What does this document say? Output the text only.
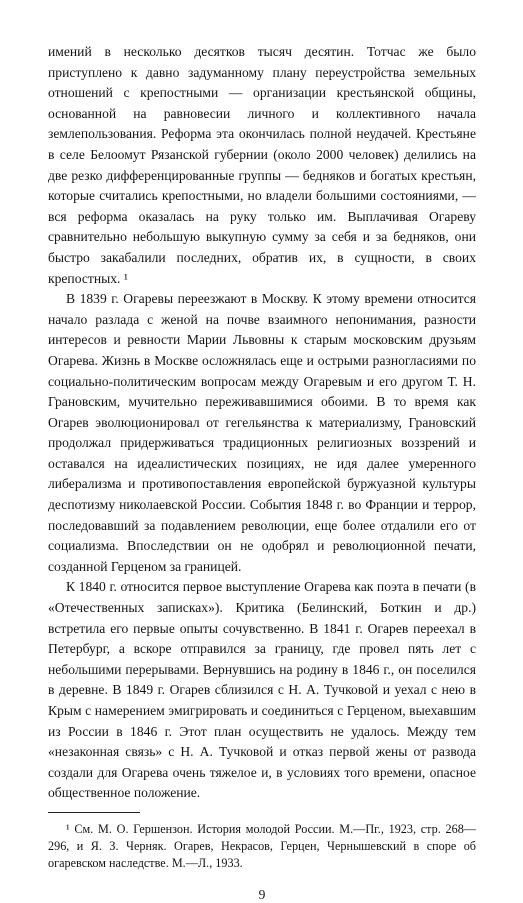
имений в несколько десятков тысяч десятин. Тотчас же было приступлено к давно задуманному плану переустройства земельных отношений с крепостными — организации крестьянской общины, основанной на равновесии личного и коллективного начала землепользования. Реформа эта окончилась полной неудачей. Крестьяне в селе Белоомут Рязанской губернии (около 2000 человек) делились на две резко дифференцированные группы — бедняков и богатых крестьян, которые считались крепостными, но владели большими состояниями, — вся реформа оказалась на руку только им. Выплачивая Огареву сравнительно небольшую выкупную сумму за себя и за бедняков, они быстро закабалили последних, обратив их, в сущности, в своих крепостных. ¹

В 1839 г. Огаревы переезжают в Москву. К этому времени относится начало разлада с женой на почве взаимного непонимания, разности интересов и ревности Марии Львовны к старым московским друзьям Огарева. Жизнь в Москве осложнялась еще и острыми разногласиями по социально-политическим вопросам между Огаревым и его другом Т. Н. Грановским, мучительно переживавшимися обоими. В то время как Огарев эволюционировал от гегельянства к материализму, Грановский продолжал придерживаться традиционных религиозных воззрений и оставался на идеалистических позициях, не идя далее умеренного либерализма и противопоставления европейской буржуазной культуры деспотизму николаевской России. События 1848 г. во Франции и террор, последовавший за подавлением революции, еще более отдалили его от социализма. Впоследствии он не одобрял и революционной печати, созданной Герценом за границей.

К 1840 г. относится первое выступление Огарева как поэта в печати (в «Отечественных записках»). Критика (Белинский, Боткин и др.) встретила его первые опыты сочувственно. В 1841 г. Огарев переехал в Петербург, а вскоре отправился за границу, где провел пять лет с небольшими перерывами. Вернувшись на родину в 1846 г., он поселился в деревне. В 1849 г. Огарев сблизился с Н. А. Тучковой и уехал с нею в Крым с намерением эмигрировать и соединиться с Герценом, выехавшим из России в 1846 г. Этот план осуществить не удалось. Между тем «незаконная связь» с Н. А. Тучковой и отказ первой жены от развода создали для Огарева очень тяжелое и, в условиях того времени, опасное общественное положение.

¹ См. М. О. Гершензон. История молодой России. М.—Пг., 1923, стр. 268—296, и Я. З. Черняк. Огарев, Некрасов, Герцен, Чернышевский в споре об огаревском наследстве. М.—Л., 1933.

9
